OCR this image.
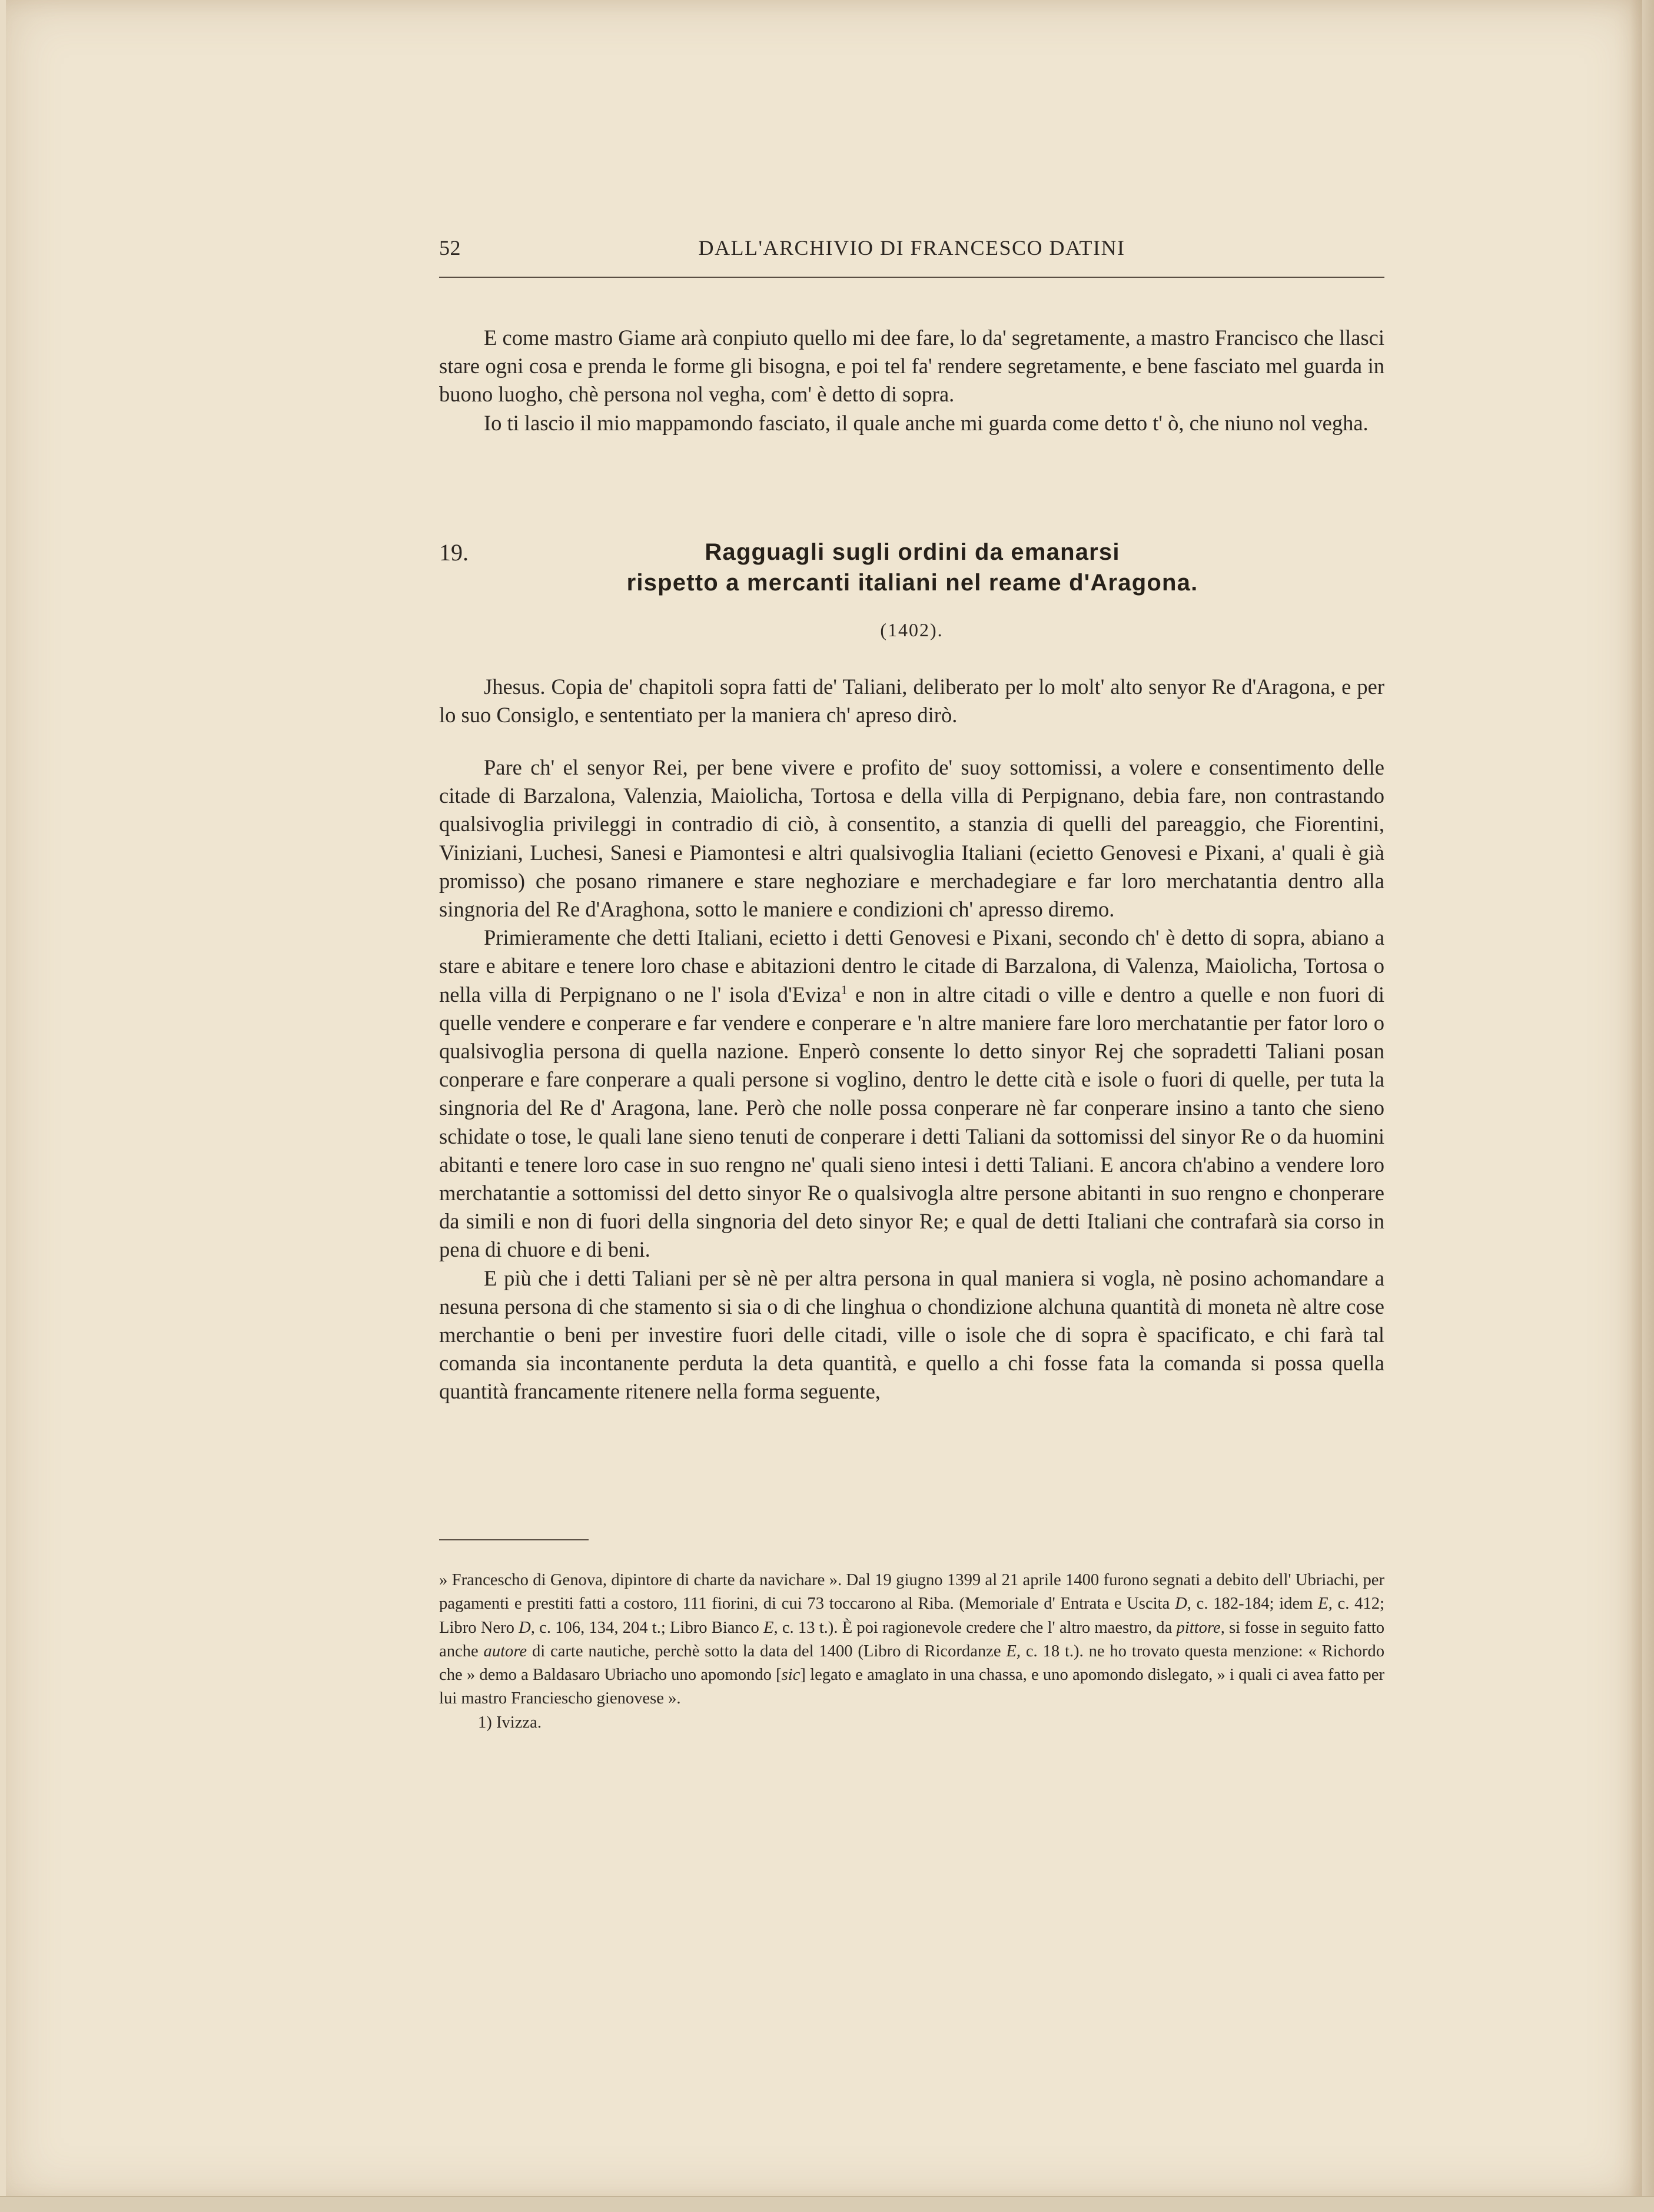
52	DALL'ARCHIVIO DI FRANCESCO DATINI

E come mastro Giame arà conpiuto quello mi dee fare, lo da' segretamente, a mastro Francisco che llasci stare ogni cosa e prenda le forme gli bisogna, e poi tel fa' rendere segretamente, e bene fasciato mel guarda in buono luogho, chè persona nol vegha, com' è detto di sopra.

Io ti lascio il mio mappamondo fasciato, il quale anche mi guarda come detto t' ò, che niuno nol vegha.

19.	Ragguagli sugli ordini da emanarsi
rispetto a mercanti italiani nel reame d'Aragona.
(1402).

Jhesus. Copia de' chapitoli sopra fatti de' Taliani, deliberato per lo molt' alto senyor Re d'Aragona, e per lo suo Consiglo, e sententiato per la maniera ch' apreso dirò.

Pare ch' el senyor Rei, per bene vivere e profito de' suoy sottomissi, a volere e consentimento delle citade di Barzalona, Valenzia, Maiolicha, Tortosa e della villa di Perpignano, debia fare, non contrastando qualsivoglia privileggi in contradio di ciò, à consentito, a stanzia di quelli del pareaggio, che Fiorentini, Viniziani, Luchesi, Sanesi e Piamontesi e altri qualsivoglia Italiani (ecietto Genovesi e Pixani, a' quali è già promisso) che posano rimanere e stare neghoziare e merchadegiare e far loro merchatantia dentro alla singnoria del Re d'Araghona, sotto le maniere e condizioni ch' apresso diremo.

Primieramente che detti Italiani, ecietto i detti Genovesi e Pixani, secondo ch' è detto di sopra, abiano a stare e abitare e tenere loro chase e abitazioni dentro le citade di Barzalona, di Valenza, Maiolicha, Tortosa o nella villa di Perpignano o ne l' isola d'Eviza$^1$ e non in altre citadi o ville e dentro a quelle e non fuori di quelle vendere e conperare e far vendere e conperare e 'n altre maniere fare loro merchatantie per fator loro o qualsivoglia persona di quella nazione. Enperò consente lo detto sinyor Rej che sopradetti Taliani posan conperare e fare conperare a quali persone si voglino, dentro le dette cità e isole o fuori di quelle, per tuta la singnoria del Re d' Aragona, lane. Però che nolle possa conperare nè far conperare insino a tanto che sieno schidate o tose, le quali lane sieno tenuti de conperare i detti Taliani da sottomissi del sinyor Re o da huomini abitanti e tenere loro case in suo rengno ne' quali sieno intesi i detti Taliani. E ancora ch'abino a vendere loro merchatantie a sottomissi del detto sinyor Re o qualsivogla altre persone abitanti in suo rengno e chonperare da simili e non di fuori della singnoria del deto sinyor Re; e qual de detti Italiani che contrafarà sia corso in pena di chuore e di beni.

E più che i detti Taliani per sè nè per altra persona in qual maniera si vogla, nè posino achomandare a nesuna persona di che stamento si sia o di che linghua o chondizione alchuna quantità di moneta nè altre cose merchantie o beni per investire fuori delle citadi, ville o isole che di sopra è spacificato, e chi farà tal comanda sia incontanente perduta la deta quantità, e quello a chi fosse fata la comanda si possa quella quantità francamente ritenere nella forma seguente,

» Franceschо di Genova, dipintore di charte da navichare ». Dal 19 giugno 1399 al 21 aprile 1400 furono segnati a debito dell' Ubriachi, per pagamenti e prestiti fatti a costoro, 111 fiorini, di cui 73 toccarono al Riba. (Memoriale d' Entrata e Uscita D, c. 182-184; idem E, c. 412; Libro Nero D, c. 106, 134, 204 t.; Libro Bianco E, c. 13 t.). È poi ragionevole credere che l' altro maestro, da pittore, si fosse in seguito fatto anche autore di carte nautiche, perchè sotto la data del 1400 (Libro di Ricordanze E, c. 18 t.). ne ho trovato questa menzione: « Richordo che » demo a Baldasaro Ubriacho uno apomondo [sic] legato e amaglato in una chassa, e uno apomondo dislegato, » i quali ci avea fatto per lui mastro Franciescho gienovese ».

1) Ivizza.
